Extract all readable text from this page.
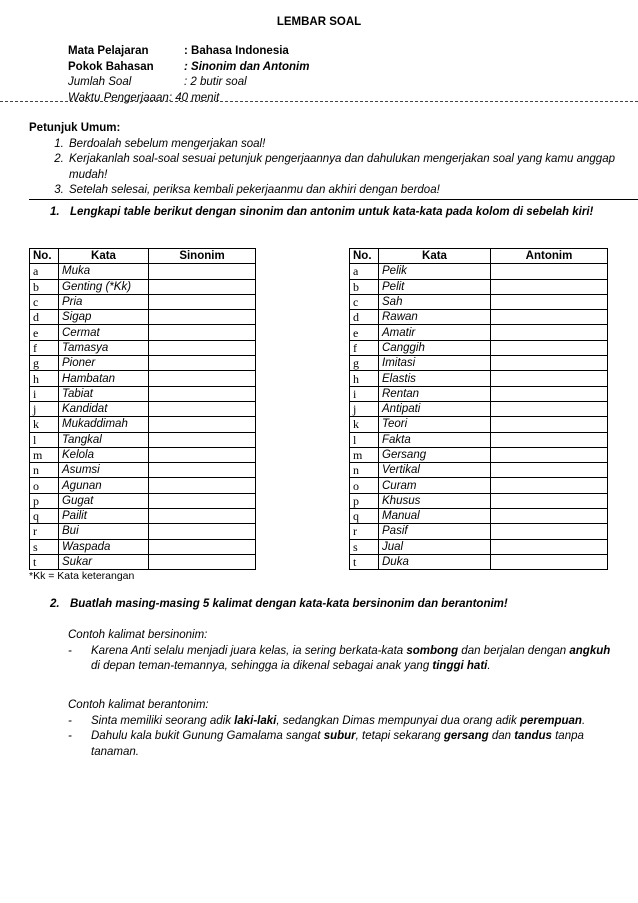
LEMBAR SOAL
Mata Pelajaran	: Bahasa Indonesia
Pokok Bahasan	: Sinonim dan Antonim
Jumlah Soal	: 2 butir soal
Waktu Pengerjaaan : 40 menit
Petunjuk Umum:
1. Berdoalah sebelum mengerjakan soal!
2. Kerjakanlah soal-soal sesuai petunjuk pengerjaannya dan dahulukan mengerjakan soal yang kamu anggap mudah!
3. Setelah selesai, periksa kembali pekerjaanmu dan akhiri dengan berdoa!
1. Lengkapi table berikut dengan sinonim dan antonim untuk kata-kata pada kolom di sebelah kiri!
No.	Kata	Sinonim
a	Muka	
b	Genting (*Kk)	
c	Pria	
d	Sigap	
e	Cermat	
f	Tamasya	
g	Pioner	
h	Hambatan	
i	Tabiat	
j	Kandidat	
k	Mukaddimah	
l	Tangkal	
m	Kelola	
n	Asumsi	
o	Agunan	
p	Gugat	
q	Pailit	
r	Bui	
s	Waspada	
t	Sukar	
No.	Kata	Antonim
a	Pelik	
b	Pelit	
c	Sah	
d	Rawan	
e	Amatir	
f	Canggih	
g	Imitasi	
h	Elastis	
i	Rentan	
j	Antipati	
k	Teori	
l	Fakta	
m	Gersang	
n	Vertikal	
o	Curam	
p	Khusus	
q	Manual	
r	Pasif	
s	Jual	
t	Duka	
*Kk = Kata keterangan
2. Buatlah masing-masing 5 kalimat dengan kata-kata bersinonim dan berantonim!
Contoh kalimat bersinonim:
- Karena Anti selalu menjadi juara kelas, ia sering berkata-kata sombong dan berjalan dengan angkuh di depan teman-temannya, sehingga ia dikenal sebagai anak yang tinggi hati.
Contoh kalimat berantonim:
- Sinta memiliki seorang adik laki-laki, sedangkan Dimas mempunyai dua orang adik perempuan.
- Dahulu kala bukit Gunung Gamalama sangat subur, tetapi sekarang gersang dan tandus tanpa tanaman.
